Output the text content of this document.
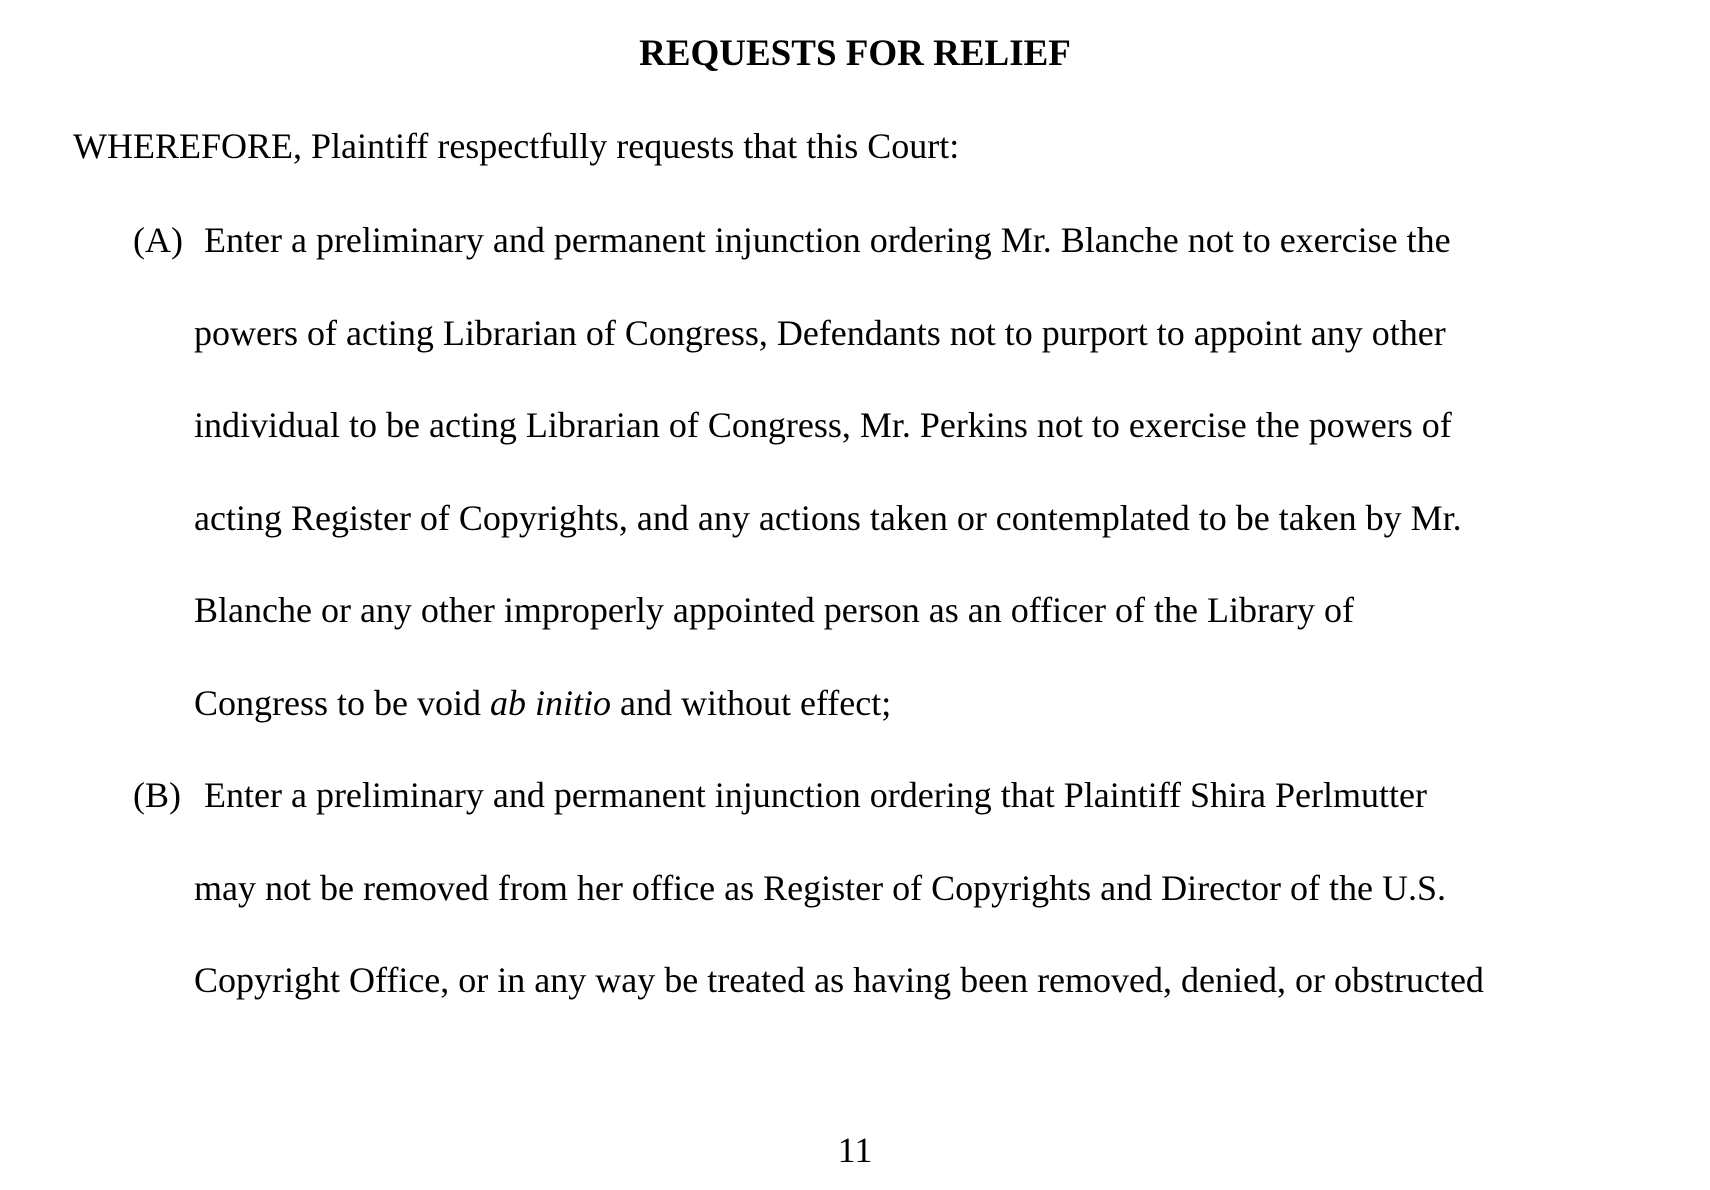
REQUESTS FOR RELIEF
WHEREFORE, Plaintiff respectfully requests that this Court:
(A) Enter a preliminary and permanent injunction ordering Mr. Blanche not to exercise the
powers of acting Librarian of Congress, Defendants not to purport to appoint any other
individual to be acting Librarian of Congress, Mr. Perkins not to exercise the powers of
acting Register of Copyrights, and any actions taken or contemplated to be taken by Mr.
Blanche or any other improperly appointed person as an officer of the Library of
Congress to be void ab initio and without effect;
(B) Enter a preliminary and permanent injunction ordering that Plaintiff Shira Perlmutter
may not be removed from her office as Register of Copyrights and Director of the U.S.
Copyright Office, or in any way be treated as having been removed, denied, or obstructed
11
